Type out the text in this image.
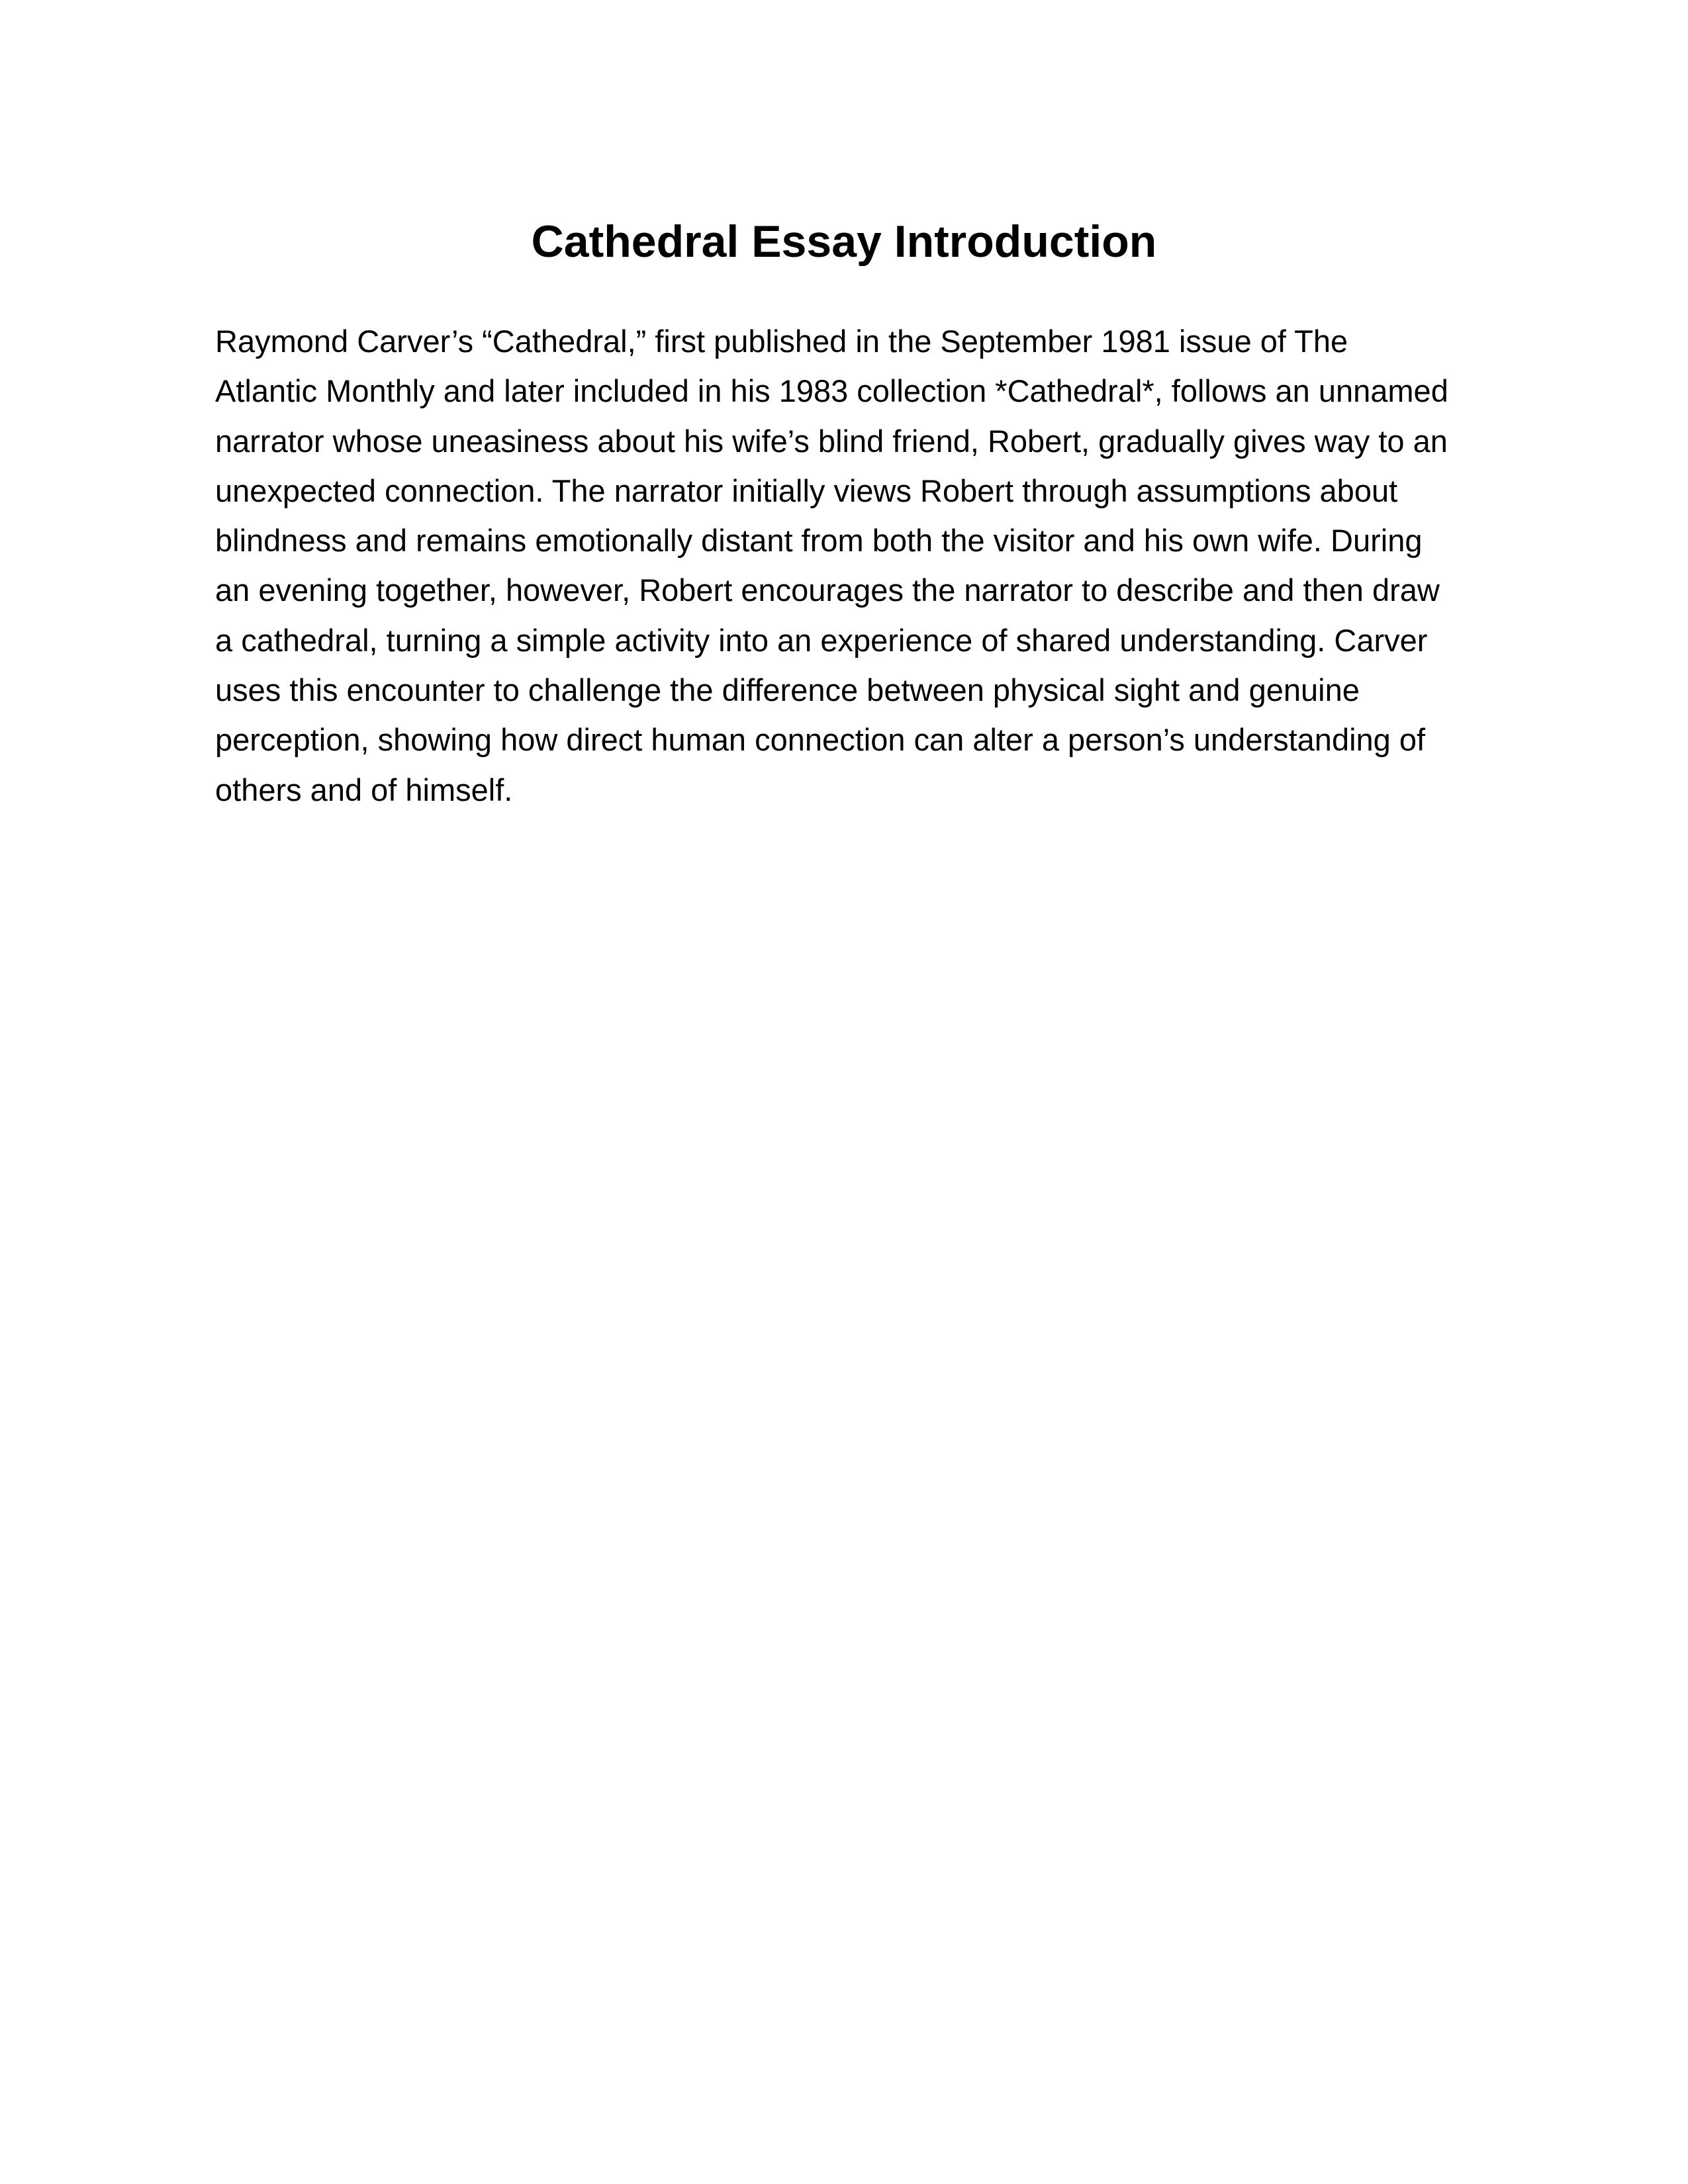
Cathedral Essay Introduction
Raymond Carver’s “Cathedral,” first published in the September 1981 issue of The
Atlantic Monthly and later included in his 1983 collection *Cathedral*, follows an unnamed
narrator whose uneasiness about his wife’s blind friend, Robert, gradually gives way to an
unexpected connection. The narrator initially views Robert through assumptions about
blindness and remains emotionally distant from both the visitor and his own wife. During
an evening together, however, Robert encourages the narrator to describe and then draw
a cathedral, turning a simple activity into an experience of shared understanding. Carver
uses this encounter to challenge the difference between physical sight and genuine
perception, showing how direct human connection can alter a person’s understanding of
others and of himself.
